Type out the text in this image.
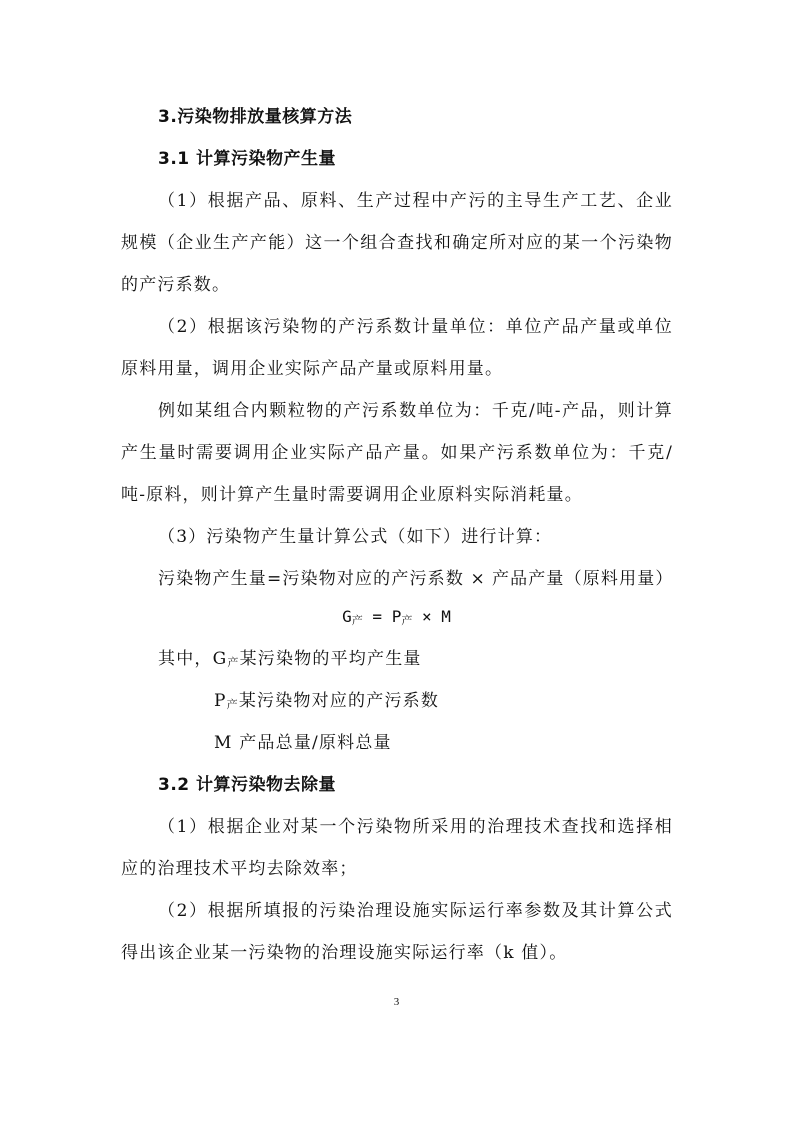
3.污染物排放量核算方法
3.1 计算污染物产生量
（1）根据产品、原料、生产过程中产污的主导生产工艺、企业
规模（企业生产产能）这一个组合查找和确定所对应的某一个污染物
的产污系数。
（2）根据该污染物的产污系数计量单位：单位产品产量或单位
原料用量，调用企业实际产品产量或原料用量。
例如某组合内颗粒物的产污系数单位为：千克/吨-产品，则计算
产生量时需要调用企业实际产品产量。如果产污系数单位为：千克/
吨-原料，则计算产生量时需要调用企业原料实际消耗量。
（3）污染物产生量计算公式（如下）进行计算：
污染物产生量=污染物对应的产污系数 × 产品产量（原料用量）
G产 = P产 × M
其中，G产某污染物的平均产生量
P产某污染物对应的产污系数
M 产品总量/原料总量
3.2 计算污染物去除量
（1）根据企业对某一个污染物所采用的治理技术查找和选择相
应的治理技术平均去除效率；
（2）根据所填报的污染治理设施实际运行率参数及其计算公式
得出该企业某一污染物的治理设施实际运行率（k 值）。
3
